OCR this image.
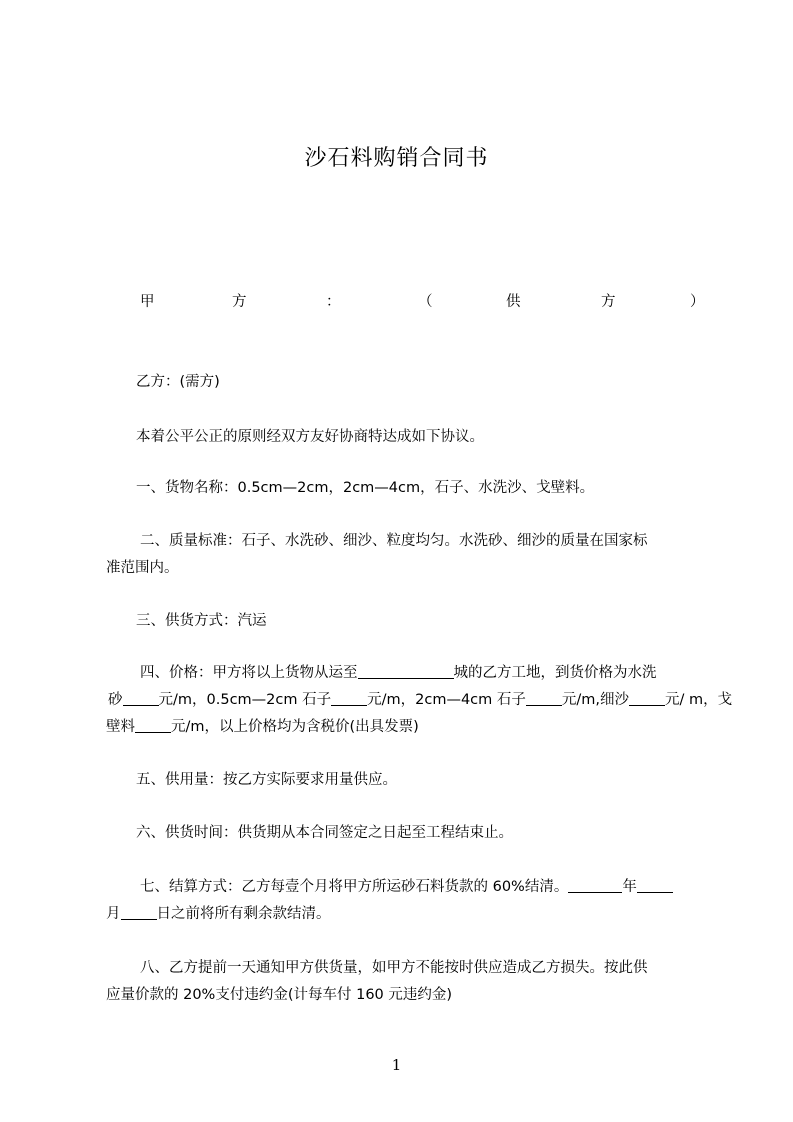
沙石料购销合同书
甲	方	：	（	供	方	）
乙方：(需方)
本着公平公正的原则经双方友好协商特达成如下协议。
一、货物名称：0.5cm—2cm，2cm—4cm，石子、水洗沙、戈壁料。
二、质量标准：石子、水洗砂、细沙、粒度均匀。水洗砂、细沙的质量在国家标
准范围内。
三、供货方式：汽运
四、价格：甲方将以上货物从运至	城的乙方工地，到货价格为水洗
砂 元/m，0.5cm—2cm 石子 元/m，2cm—4cm 石子 元/m,细沙 元/ m，戈
壁料 元/m，以上价格均为含税价(出具发票)
五、供用量：按乙方实际要求用量供应。
六、供货时间：供货期从本合同签定之日起至工程结束止。
七、结算方式：乙方每壹个月将甲方所运砂石料货款的 60%结清。	年
月 日之前将所有剩余款结清。
八、乙方提前一天通知甲方供货量，如甲方不能按时供应造成乙方损失。按此供
应量价款的 20%支付违约金(计每车付 160 元违约金)
1
